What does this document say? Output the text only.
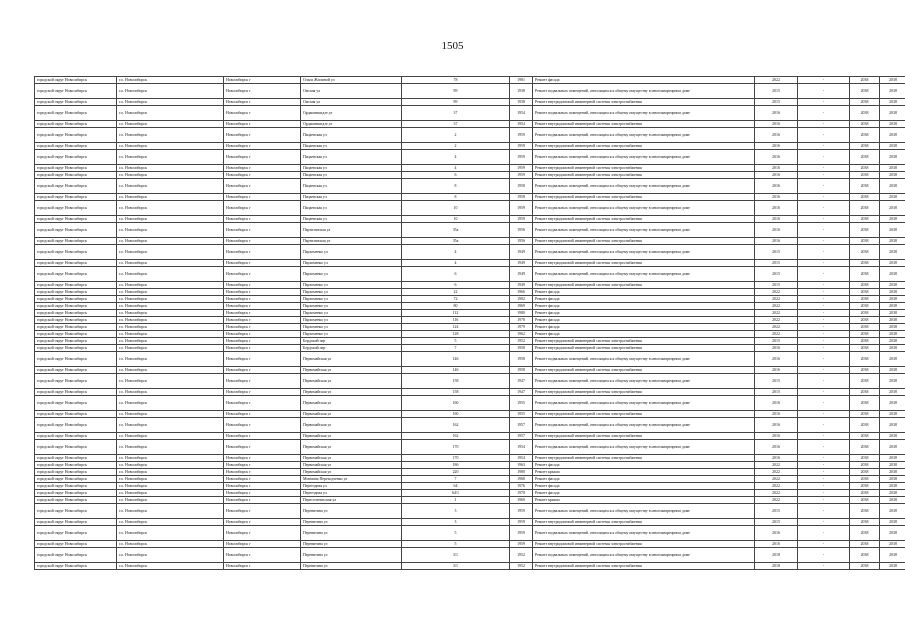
1505
городской округ Новосибирск	г.о. Новосибирск	Новосибирск г	Ольги Жилиной ул	78	1981	Ремонт фасада	2022	-	2038	2038
городской округ Новосибирск	г.о. Новосибирск	Новосибирск г	Омская ул	89	1938	Ремонт подвальных помещений, относящихся к общему имуществу в многоквартирном доме	2015	-	2038	2038
городской округ Новосибирск	г.о. Новосибирск	Новосибирск г	Омская ул	89	1938	Ремонт внутридомовой инженерной системы электроснабжения	2015	-	2038	2038
городской округ Новосибирск	г.о. Новосибирск	Новосибирск г	Орджоникидзе ул	37	1954	Ремонт подвальных помещений, относящихся к общему имуществу в многоквартирном доме	2016	-	2038	2038
городской округ Новосибирск	г.о. Новосибирск	Новосибирск г	Орджоникидзе ул	37	1954	Ремонт внутридомовой инженерной системы электроснабжения	2016	-	2038	2038
городской округ Новосибирск	г.о. Новосибирск	Новосибирск г	Пацаевская ул	2	1959	Ремонт подвальных помещений, относящихся к общему имуществу в многоквартирном доме	2016	-	2038	2038
городской округ Новосибирск	г.о. Новосибирск	Новосибирск г	Пацаевская ул	2	1959	Ремонт внутридомовой инженерной системы электроснабжения	2016	-	2038	2038
городской округ Новосибирск	г.о. Новосибирск	Новосибирск г	Пацаевская ул	4	1959	Ремонт подвальных помещений, относящихся к общему имуществу в многоквартирном доме	2016	-	2038	2038
городской округ Новосибирск	г.о. Новосибирск	Новосибирск г	Пацаевская ул	4	1959	Ремонт внутридомовой инженерной системы электроснабжения	2016	-	2038	2038
городской округ Новосибирск	г.о. Новосибирск	Новосибирск г	Пацаевская ул	6	1959	Ремонт внутридомовой инженерной системы электроснабжения	2016	-	2038	2038
городской округ Новосибирск	г.о. Новосибирск	Новосибирск г	Пацаевская ул	8	1958	Ремонт подвальных помещений, относящихся к общему имуществу в многоквартирном доме	2016	-	2038	2038
городской округ Новосибирск	г.о. Новосибирск	Новосибирск г	Пацаевская ул	8	1958	Ремонт внутридомовой инженерной системы электроснабжения	2016	-	2038	2038
городской округ Новосибирск	г.о. Новосибирск	Новосибирск г	Пацаевская ул	10	1959	Ремонт подвальных помещений, относящихся к общему имуществу в многоквартирном доме	2016	-	2038	2038
городской округ Новосибирск	г.о. Новосибирск	Новосибирск г	Пацаевская ул	10	1959	Ремонт внутридомовой инженерной системы электроснабжения	2016	-	2038	2038
городской округ Новосибирск	г.о. Новосибирск	Новосибирск г	Партизанская ул	35а	1956	Ремонт подвальных помещений, относящихся к общему имуществу в многоквартирном доме	2016	-	2038	2038
городской округ Новосибирск	г.о. Новосибирск	Новосибирск г	Партизанская ул	35а	1956	Ремонт внутридомовой инженерной системы электроснабжения	2016	-	2038	2038
городской округ Новосибирск	г.о. Новосибирск	Новосибирск г	Пархоменко ул	4	1949	Ремонт подвальных помещений, относящихся к общему имуществу в многоквартирном доме	2015	-	2038	2038
городской округ Новосибирск	г.о. Новосибирск	Новосибирск г	Пархоменко ул	4	1949	Ремонт внутридомовой инженерной системы электроснабжения	2015	-	2038	2038
городской округ Новосибирск	г.о. Новосибирск	Новосибирск г	Пархоменко ул	6	1949	Ремонт подвальных помещений, относящихся к общему имуществу в многоквартирном доме	2015	-	2038	2038
городской округ Новосибирск	г.о. Новосибирск	Новосибирск г	Пархоменко ул	6	1949	Ремонт внутридомовой инженерной системы электроснабжения	2015	-	2038	2038
городской округ Новосибирск	г.о. Новосибирск	Новосибирск г	Пархоменко ул	22	1966	Ремонт фасада	2022	-	2038	2038
городской округ Новосибирск	г.о. Новосибирск	Новосибирск г	Пархоменко ул	72	1982	Ремонт фасада	2022	-	2038	2038
городской округ Новосибирск	г.о. Новосибирск	Новосибирск г	Пархоменко ул	80	1969	Ремонт фасада	2022	-	2038	2038
городской округ Новосибирск	г.о. Новосибирск	Новосибирск г	Пархоменко ул	112	1980	Ремонт фасада	2022	-	2038	2038
городской округ Новосибирск	г.о. Новосибирск	Новосибирск г	Пархоменко ул	116	1978	Ремонт фасада	2022	-	2038	2038
городской округ Новосибирск	г.о. Новосибирск	Новосибирск г	Пархоменко ул	124	1979	Ремонт фасада	2022	-	2038	2038
городской округ Новосибирск	г.о. Новосибирск	Новосибирск г	Пархоменко ул	128	1962	Ремонт фасада	2022	-	2038	2038
городской округ Новосибирск	г.о. Новосибирск	Новосибирск г	Бердский пер	5	1952	Ремонт внутридомовой инженерной системы электроснабжения	2015	-	2038	2038
городской округ Новосибирск	г.о. Новосибирск	Новосибирск г	Бердский пер	7	1958	Ремонт внутридомовой инженерной системы электроснабжения	2016	-	2038	2038
городской округ Новосибирск	г.о. Новосибирск	Новосибирск г	Первомайская ул	146	1958	Ремонт подвальных помещений, относящихся к общему имуществу в многоквартирном доме	2016	-	2038	2038
городской округ Новосибирск	г.о. Новосибирск	Новосибирск г	Первомайская ул	146	1958	Ремонт внутридомовой инженерной системы электроснабжения	2016	-	2038	2038
городской округ Новосибирск	г.о. Новосибирск	Новосибирск г	Первомайская ул	158	1947	Ремонт подвальных помещений, относящихся к общему имуществу в многоквартирном доме	2015	-	2038	2038
городской округ Новосибирск	г.о. Новосибирск	Новосибирск г	Первомайская ул	158	1947	Ремонт внутридомовой инженерной системы электроснабжения	2015	-	2038	2038
городской округ Новосибирск	г.о. Новосибирск	Новосибирск г	Первомайская ул	160	1955	Ремонт подвальных помещений, относящихся к общему имуществу в многоквартирном доме	2016	-	2038	2038
городской округ Новосибирск	г.о. Новосибирск	Новосибирск г	Первомайская ул	160	1955	Ремонт внутридомовой инженерной системы электроснабжения	2016	-	2038	2038
городской округ Новосибирск	г.о. Новосибирск	Новосибирск г	Первомайская ул	162	1957	Ремонт подвальных помещений, относящихся к общему имуществу в многоквартирном доме	2016	-	2038	2038
городской округ Новосибирск	г.о. Новосибирск	Новосибирск г	Первомайская ул	162	1957	Ремонт внутридомовой инженерной системы электроснабжения	2016	-	2038	2038
городской округ Новосибирск	г.о. Новосибирск	Новосибирск г	Первомайская ул	170	1954	Ремонт подвальных помещений, относящихся к общему имуществу в многоквартирном доме	2016	-	2038	2038
городской округ Новосибирск	г.о. Новосибирск	Новосибирск г	Первомайская ул	170	1954	Ремонт внутридомовой инженерной системы электроснабжения	2016	-	2038	2038
городской округ Новосибирск	г.о. Новосибирск	Новосибирск г	Первомайская ул	186	1963	Ремонт фасада	2022	-	2038	2038
городской округ Новосибирск	г.о. Новосибирск	Новосибирск г	Первомайская ул	220	1980	Ремонт крыши	2022	-	2038	2038
городской округ Новосибирск	г.о. Новосибирск	Новосибирск г	Мичмана Переходченко ул	7	1968	Ремонт фасада	2022	-	2038	2038
городской округ Новосибирск	г.о. Новосибирск	Новосибирск г	Переездная ул	64	1976	Ремонт фасада	2022	-	2038	2038
городской округ Новосибирск	г.о. Новосибирск	Новосибирск г	Переездная ул	64/1	1978	Ремонт фасада	2022	-	2038	2038
городской округ Новосибирск	г.о. Новосибирск	Новосибирск г	Переселенческая ул	1	1960	Ремонт крыши	2022	-	2038	2038
городской округ Новосибирск	г.о. Новосибирск	Новосибирск г	Перевитина ул	3	1959	Ремонт подвальных помещений, относящихся к общему имуществу в многоквартирном доме	2015	-	2038	2038
городской округ Новосибирск	г.о. Новосибирск	Новосибирск г	Перевитина ул	3	1959	Ремонт внутридомовой инженерной системы электроснабжения	2015	-	2038	2038
городской округ Новосибирск	г.о. Новосибирск	Новосибирск г	Перевитина ул	5	1959	Ремонт подвальных помещений, относящихся к общему имуществу в многоквартирном доме	2016	-	2038	2038
городской округ Новосибирск	г.о. Новосибирск	Новосибирск г	Перевитина ул	5	1959	Ремонт внутридомовой инженерной системы электроснабжения	2016	-	2038	2038
городской округ Новосибирск	г.о. Новосибирск	Новосибирск г	Перевитина ул	3/1	1952	Ремонт подвальных помещений, относящихся к общему имуществу в многоквартирном доме	2018	-	2038	2038
городской округ Новосибирск	г.о. Новосибирск	Новосибирск г	Перевитина ул	3/1	1952	Ремонт внутридомовой инженерной системы электроснабжения	2018	-	2038	2038
